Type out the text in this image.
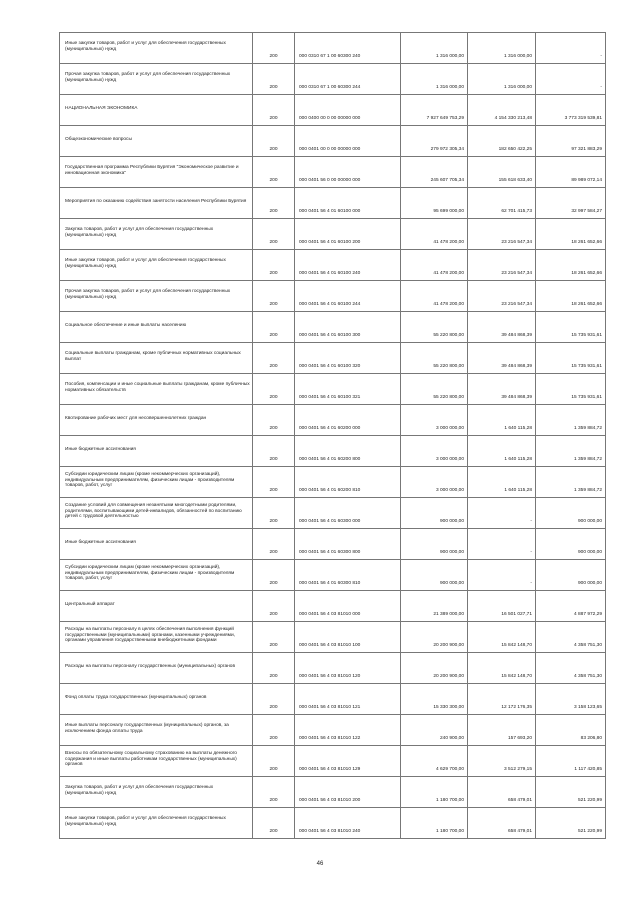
Иные закупки товаров, работ и услуг для обеспечения государственных (муниципальных) нужд	200	000 0310 67 1 00 60300 240	1 316 000,00	1 316 000,00	-

Прочая закупка товаров, работ и услуг для обеспечения государственных (муниципальных) нужд	200	000 0310 67 1 00 60300 244	1 316 000,00	1 316 000,00	-

НАЦИОНАЛЬНАЯ ЭКОНОМИКА	200	000 0400 00 0 00 00000 000	7 927 649 753,29	4 154 330 213,48	3 773 319 539,81

Общеэкономические вопросы	200	000 0401 00 0 00 00000 000	279 972 305,34	182 650 422,25	97 321 883,29

Государственная программа Республики Бурятия "Экономическое развитие и инновационная экономика"	200	000 0401 56 0 00 00000 000	245 607 705,34	155 618 633,40	89 989 072,14

Мероприятия по оказанию содействия занятости населения Республики Бурятия	200	000 0401 56 4 01 60100 000	95 699 000,00	62 701 415,73	32 997 584,27

Закупка товаров, работ и услуг для обеспечения государственных (муниципальных) нужд	200	000 0401 56 4 01 60100 200	41 478 200,00	23 216 547,34	18 261 652,66

Иные закупки товаров, работ и услуг для обеспечения государственных (муниципальных) нужд	200	000 0401 56 4 01 60100 240	41 478 200,00	23 216 547,34	18 261 652,66

Прочая закупка товаров, работ и услуг для обеспечения государственных (муниципальных) нужд	200	000 0401 56 4 01 60100 244	41 478 200,00	23 216 547,34	18 261 652,66

Социальное обеспечение и иные выплаты населению	200	000 0401 56 4 01 60100 300	55 220 800,00	39 484 868,39	15 735 931,61

Социальные выплаты гражданам, кроме публичных нормативных социальных выплат	200	000 0401 56 4 01 60100 320	55 220 800,00	39 484 868,39	15 735 931,61

Пособия, компенсации и иные социальные выплаты гражданам, кроме публичных нормативных обязательств	200	000 0401 56 4 01 60100 321	55 220 800,00	39 484 868,39	15 735 931,61

Квотирование рабочих мест для несовершеннолетних граждан	200	000 0401 56 4 01 60200 000	3 000 000,00	1 640 115,28	1 359 884,72

Иные бюджетные ассигнования	200	000 0401 56 4 01 60200 800	3 000 000,00	1 640 115,28	1 359 884,72

Субсидии юридическим лицам (кроме некоммерческих организаций), индивидуальным предпринимателям, физическим лицам - производителям товаров, работ, услуг	200	000 0401 56 4 01 60200 810	3 000 000,00	1 640 115,28	1 359 884,72

Создание условий для совмещения незанятыми многодетными родителями, родителями, воспитывающими детей-инвалидов, обязанностей по воспитанию детей с трудовой деятельностью	200	000 0401 56 4 01 60300 000	900 000,00	-	900 000,00

Иные бюджетные ассигнования	200	000 0401 56 4 01 60300 800	900 000,00	-	900 000,00

Субсидии юридическим лицам (кроме некоммерческих организаций), индивидуальным предпринимателям, физическим лицам - производителям товаров, работ, услуг	200	000 0401 56 4 01 60300 810	900 000,00	-	900 000,00

Центральный аппарат	200	000 0401 56 4 03 81010 000	21 389 000,00	16 501 027,71	4 887 972,29

Расходы на выплаты персоналу в целях обеспечения выполнения функций государственными (муниципальными) органами, казенными учреждениями, органами управления государственными внебюджетными фондами	200	000 0401 56 4 03 81010 100	20 200 900,00	15 842 148,70	4 358 751,30

Расходы на выплаты персоналу государственных (муниципальных) органов	200	000 0401 56 4 03 81010 120	20 200 900,00	15 842 148,70	4 358 751,30

Фонд оплаты труда государственных (муниципальных) органов	200	000 0401 56 4 03 81010 121	15 330 300,00	12 172 176,35	3 158 123,65

Иные выплаты персоналу государственных (муниципальных) органов, за исключением фонда оплаты труда	200	000 0401 56 4 03 81010 122	240 900,00	157 693,20	83 206,80

Взносы по обязательному социальному страхованию на выплаты денежного содержания и иные выплаты работникам государственных (муниципальных) органов	200	000 0401 56 4 03 81010 129	4 629 700,00	3 512 279,15	1 117 420,85

Закупка товаров, работ и услуг для обеспечения государственных (муниципальных) нужд	200	000 0401 56 4 03 81010 200	1 180 700,00	658 479,01	521 220,99

Иные закупки товаров, работ и услуг для обеспечения государственных (муниципальных) нужд	200	000 0401 56 4 03 81010 240	1 180 700,00	658 479,01	521 220,99
46
